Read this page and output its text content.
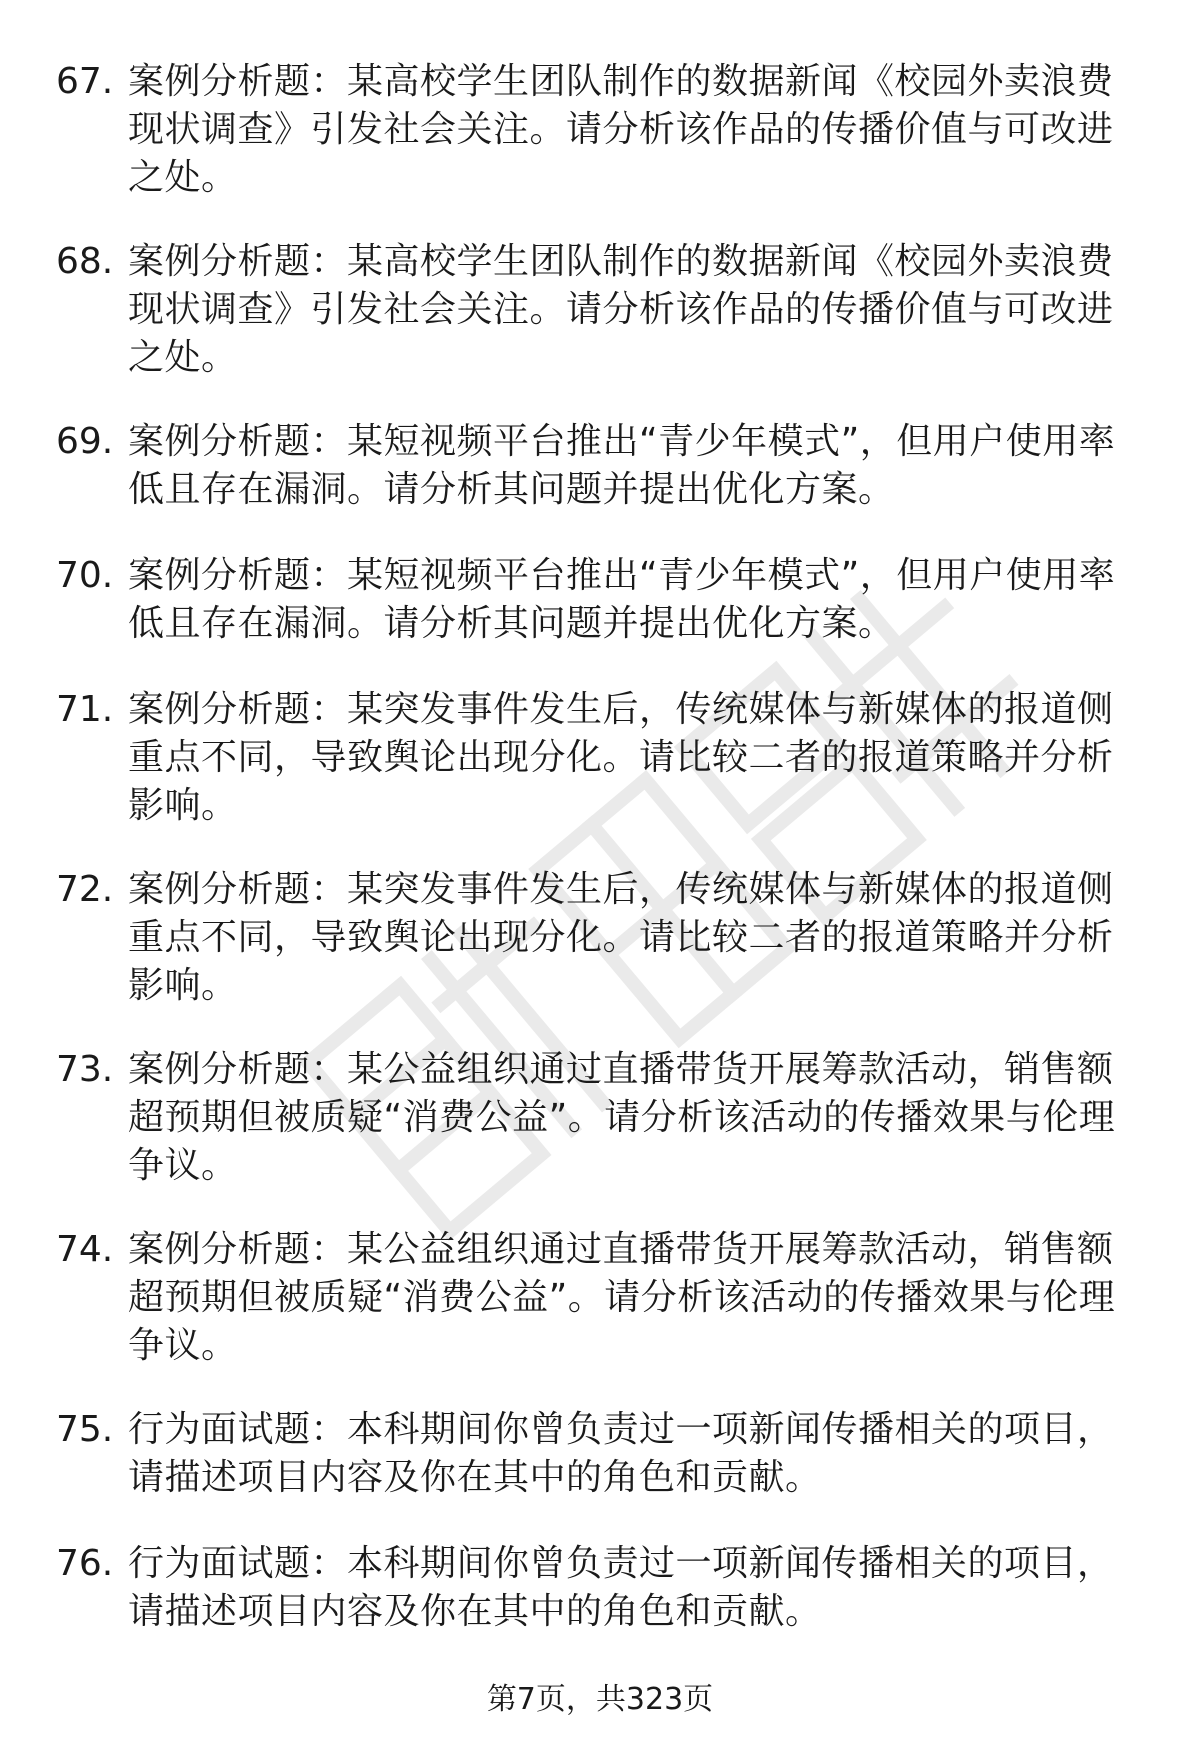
67. 案例分析题：某高校学生团队制作的数据新闻《校园外卖浪费现状调查》引发社会关注。请分析该作品的传播价值与可改进之处。
68. 案例分析题：某高校学生团队制作的数据新闻《校园外卖浪费现状调查》引发社会关注。请分析该作品的传播价值与可改进之处。
69. 案例分析题：某短视频平台推出“青少年模式”，但用户使用率低且存在漏洞。请分析其问题并提出优化方案。
70. 案例分析题：某短视频平台推出“青少年模式”，但用户使用率低且存在漏洞。请分析其问题并提出优化方案。
71. 案例分析题：某突发事件发生后，传统媒体与新媒体的报道侧重点不同，导致舆论出现分化。请比较二者的报道策略并分析影响。
72. 案例分析题：某突发事件发生后，传统媒体与新媒体的报道侧重点不同，导致舆论出现分化。请比较二者的报道策略并分析影响。
73. 案例分析题：某公益组织通过直播带货开展筹款活动，销售额超预期但被质疑“消费公益”。请分析该活动的传播效果与伦理争议。
74. 案例分析题：某公益组织通过直播带货开展筹款活动，销售额超预期但被质疑“消费公益”。请分析该活动的传播效果与伦理争议。
75. 行为面试题：本科期间你曾负责过一项新闻传播相关的项目，请描述项目内容及你在其中的角色和贡献。
76. 行为面试题：本科期间你曾负责过一项新闻传播相关的项目，请描述项目内容及你在其中的角色和贡献。
第7页，共323页
